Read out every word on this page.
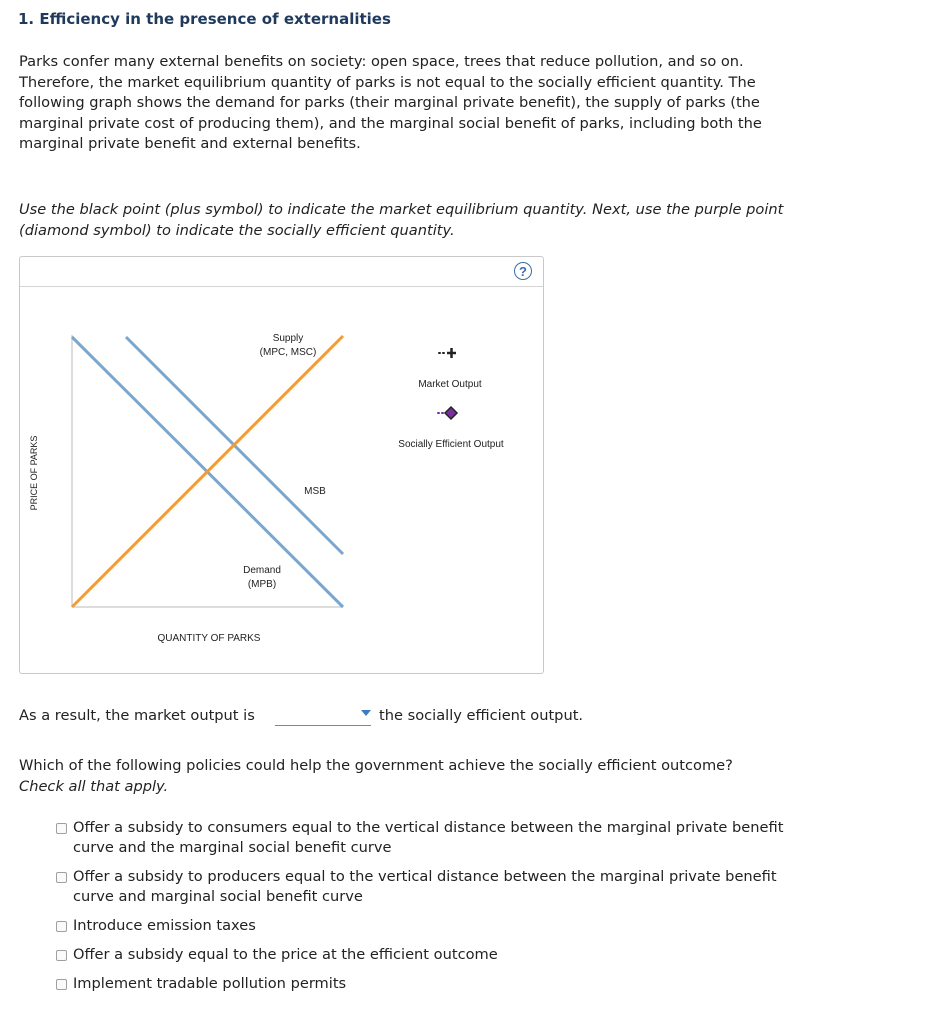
1. Efficiency in the presence of externalities
Parks confer many external benefits on society: open space, trees that reduce pollution, and so on. Therefore, the market equilibrium quantity of parks is not equal to the socially efficient quantity. The following graph shows the demand for parks (their marginal private benefit), the supply of parks (the marginal private cost of producing them), and the marginal social benefit of parks, including both the marginal private benefit and external benefits.
Use the black point (plus symbol) to indicate the market equilibrium quantity. Next, use the purple point (diamond symbol) to indicate the socially efficient quantity.
?
Supply
(MPC, MSC)
MSB
Demand
(MPB)
QUANTITY OF PARKS
PRICE OF PARKS
Market Output
Socially Efficient Output
As a result, the market output is	the socially efficient output.
Which of the following policies could help the government achieve the socially efficient outcome? Check all that apply.
Offer a subsidy to consumers equal to the vertical distance between the marginal private benefit curve and the marginal social benefit curve
Offer a subsidy to producers equal to the vertical distance between the marginal private benefit curve and marginal social benefit curve
Introduce emission taxes
Offer a subsidy equal to the price at the efficient outcome
Implement tradable pollution permits
